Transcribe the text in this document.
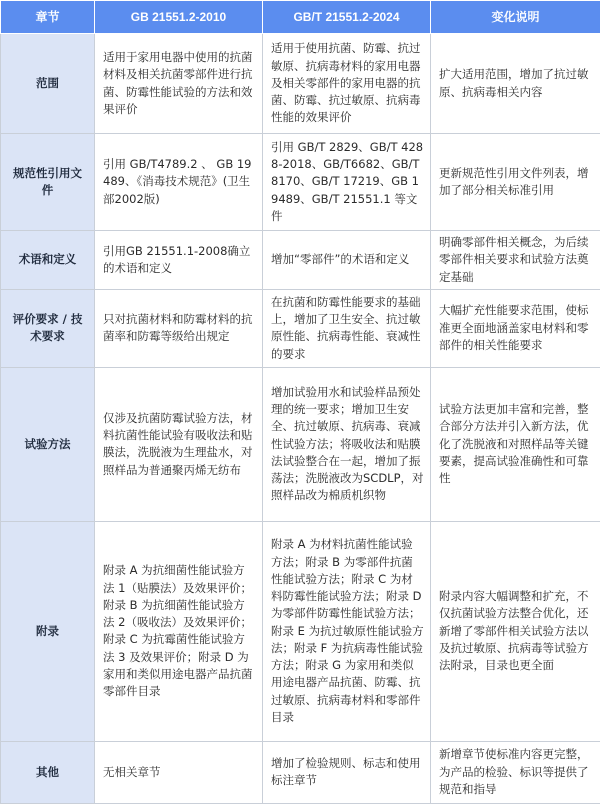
章节	GB 21551.2-2010	GB/T 21551.2-2024	变化说明
范围	适用于家用电器中使用的抗菌材料及相关抗菌零部件进行抗菌、防霉性能试验的方法和效果评价	适用于使用抗菌、防霉、抗过敏原、抗病毒材料的家用电器及相关零部件的家用电器的抗菌、防霉、抗过敏原、抗病毒性能的效果评价	扩大适用范围，增加了抗过敏原、抗病毒相关内容
规范性引用文件	引用 GB/T4789.2 、 GB 19489、《消毒技术规范》(卫生部2002版)	引用 GB/T 2829、GB/T 4288-2018、GB/T6682、GB/T 8170、GB/T 17219、GB 19489、GB/T 21551.1 等文件	更新规范性引用文件列表，增加了部分相关标准引用
术语和定义	引用GB 21551.1-2008确立的术语和定义	增加“零部件”的术语和定义	明确零部件相关概念，为后续零部件相关要求和试验方法奠定基础
评价要求 / 技术要求	只对抗菌材料和防霉材料的抗菌率和防霉等级给出规定	在抗菌和防霉性能要求的基础上，增加了卫生安全、抗过敏原性能、抗病毒性能、衰减性的要求	大幅扩充性能要求范围，使标准更全面地涵盖家电材料和零部件的相关性能要求
试验方法	仅涉及抗菌防霉试验方法，材料抗菌性能试验有吸收法和贴膜法，洗脱液为生理盐水，对照样品为普通聚丙烯无纺布	增加试验用水和试验样品预处理的统一要求；增加卫生安全、抗过敏原、抗病毒、衰减性试验方法；将吸收法和贴膜法试验整合在一起，增加了振荡法；洗脱液改为SCDLP，对照样品改为棉质机织物	试验方法更加丰富和完善，整合部分方法并引入新方法，优化了洗脱液和对照样品等关键要素，提高试验准确性和可靠性
附录	附录 A 为抗细菌性能试验方法 1（贴膜法）及效果评价；附录 B 为抗细菌性能试验方法 2（吸收法）及效果评价；附录 C 为抗霉菌性能试验方法 3 及效果评价；附录 D 为家用和类似用途电器产品抗菌零部件目录	附录 A 为材料抗菌性能试验方法；附录 B 为零部件抗菌性能试验方法；附录 C 为材料防霉性能试验方法；附录 D 为零部件防霉性能试验方法；附录 E 为抗过敏原性能试验方法；附录 F 为抗病毒性能试验方法；附录 G 为家用和类似用途电器产品抗菌、防霉、抗过敏原、抗病毒材料和零部件目录	附录内容大幅调整和扩充，不仅抗菌试验方法整合优化，还新增了零部件相关试验方法以及抗过敏原、抗病毒等试验方法附录，目录也更全面
其他	无相关章节	增加了检验规则、标志和使用标注章节	新增章节使标准内容更完整，为产品的检验、标识等提供了规范和指导
